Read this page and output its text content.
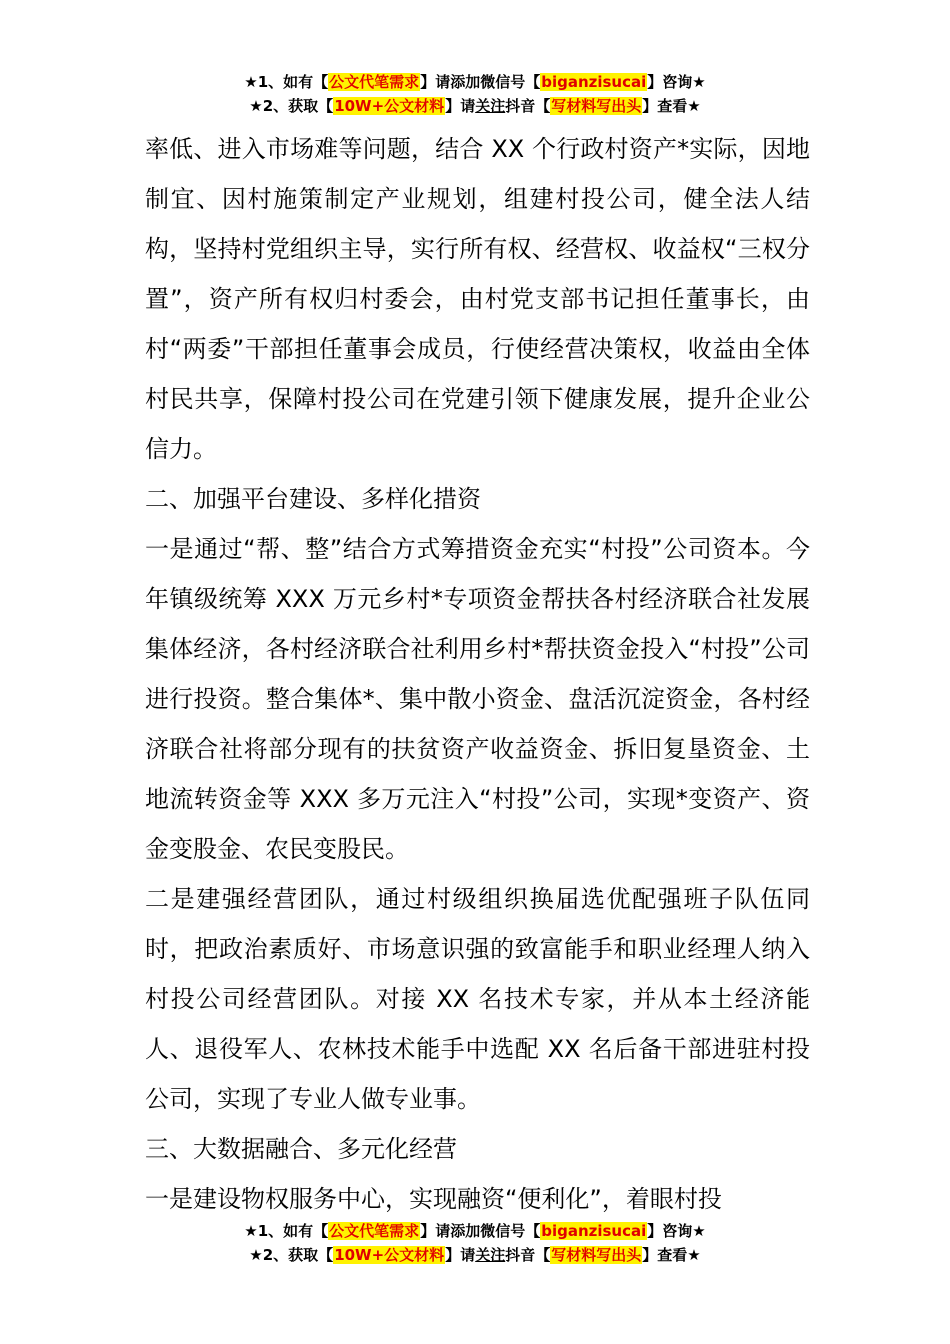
★1、如有【公文代笔需求】请添加微信号【biganzisucai】咨询★
★2、获取【10W+公文材料】请关注抖音【写材料写出头】查看★

率低、进入市场难等问题，结合 XX 个行政村资产*实际，因地制宜、因村施策制定产业规划，组建村投公司，健全法人结构，坚持村党组织主导，实行所有权、经营权、收益权“三权分置”，资产所有权归村委会，由村党支部书记担任董事长，由村“两委”干部担任董事会成员，行使经营决策权，收益由全体村民共享，保障村投公司在党建引领下健康发展，提升企业公信力。

二、加强平台建设、多样化措资

一是通过“帮、整”结合方式筹措资金充实“村投”公司资本。今年镇级统筹 XXX 万元乡村*专项资金帮扶各村经济联合社发展集体经济，各村经济联合社利用乡村*帮扶资金投入“村投”公司进行投资。整合集体*、集中散小资金、盘活沉淀资金，各村经济联合社将部分现有的扶贫资产收益资金、拆旧复垦资金、土地流转资金等 XXX 多万元注入“村投”公司，实现*变资产、资金变股金、农民变股民。

二是建强经营团队，通过村级组织换届选优配强班子队伍同时，把政治素质好、市场意识强的致富能手和职业经理人纳入村投公司经营团队。对接 XX 名技术专家，并从本土经济能人、退役军人、农林技术能手中选配 XX 名后备干部进驻村投公司，实现了专业人做专业事。

三、大数据融合、多元化经营

一是建设物权服务中心，实现融资“便利化”，着眼村投

★1、如有【公文代笔需求】请添加微信号【biganzisucai】咨询★
★2、获取【10W+公文材料】请关注抖音【写材料写出头】查看★
